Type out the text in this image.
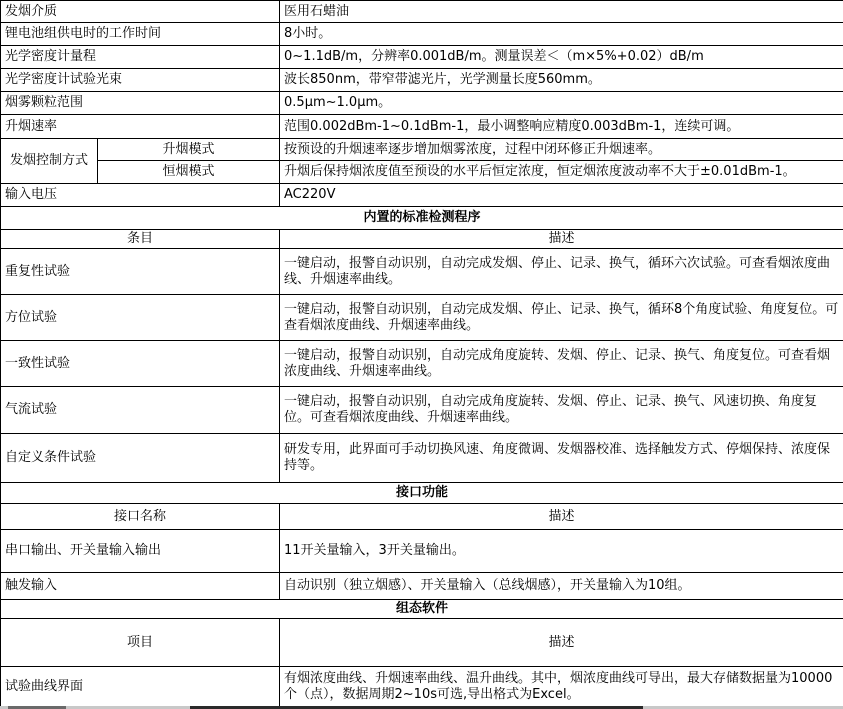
发烟介质		医用石蜡油
锂电池组供电时的工作时间		8小时。
光学密度计量程		0~1.1dB/m，分辨率0.001dB/m。测量误差＜（m×5%+0.02）dB/m
光学密度计试验光束		波长850nm，带窄带滤光片，光学测量长度560mm。
烟雾颗粒范围		0.5μm~1.0μm。
升烟速率		范围0.002dBm-1~0.1dBm-1，最小调整响应精度0.003dBm-1，连续可调。
发烟控制方式	升烟模式	按预设的升烟速率逐步增加烟雾浓度，过程中闭环修正升烟速率。
	恒烟模式	升烟后保持烟浓度值至预设的水平后恒定浓度，恒定烟浓度波动率不大于±0.01dBm-1。
输入电压		AC220V
内置的标准检测程序		
条目		描述
重复性试验		一键启动，报警自动识别，自动完成发烟、停止、记录、换气，循环六次试验。可查看烟浓度曲线、升烟速率曲线。
方位试验		一键启动，报警自动识别，自动完成发烟、停止、记录、换气，循环8个角度试验、角度复位。可查看烟浓度曲线、升烟速率曲线。
一致性试验		一键启动，报警自动识别，自动完成角度旋转、发烟、停止、记录、换气、角度复位。可查看烟浓度曲线、升烟速率曲线。
气流试验		一键启动，报警自动识别，自动完成角度旋转、发烟、停止、记录、换气、风速切换、角度复位。可查看烟浓度曲线、升烟速率曲线。
自定义条件试验		研发专用，此界面可手动切换风速、角度微调、发烟器校准、选择触发方式、停烟保持、浓度保持等。
接口功能		
接口名称		描述
串口输出、开关量输入输出		11开关量输入，3开关量输出。
触发输入		自动识别（独立烟感）、开关量输入（总线烟感），开关量输入为10组。
组态软件		
项目		描述
试验曲线界面		有烟浓度曲线、升烟速率曲线、温升曲线。其中，烟浓度曲线可导出，最大存储数据量为10000个（点），数据周期2~10s可选,导出格式为Excel。
